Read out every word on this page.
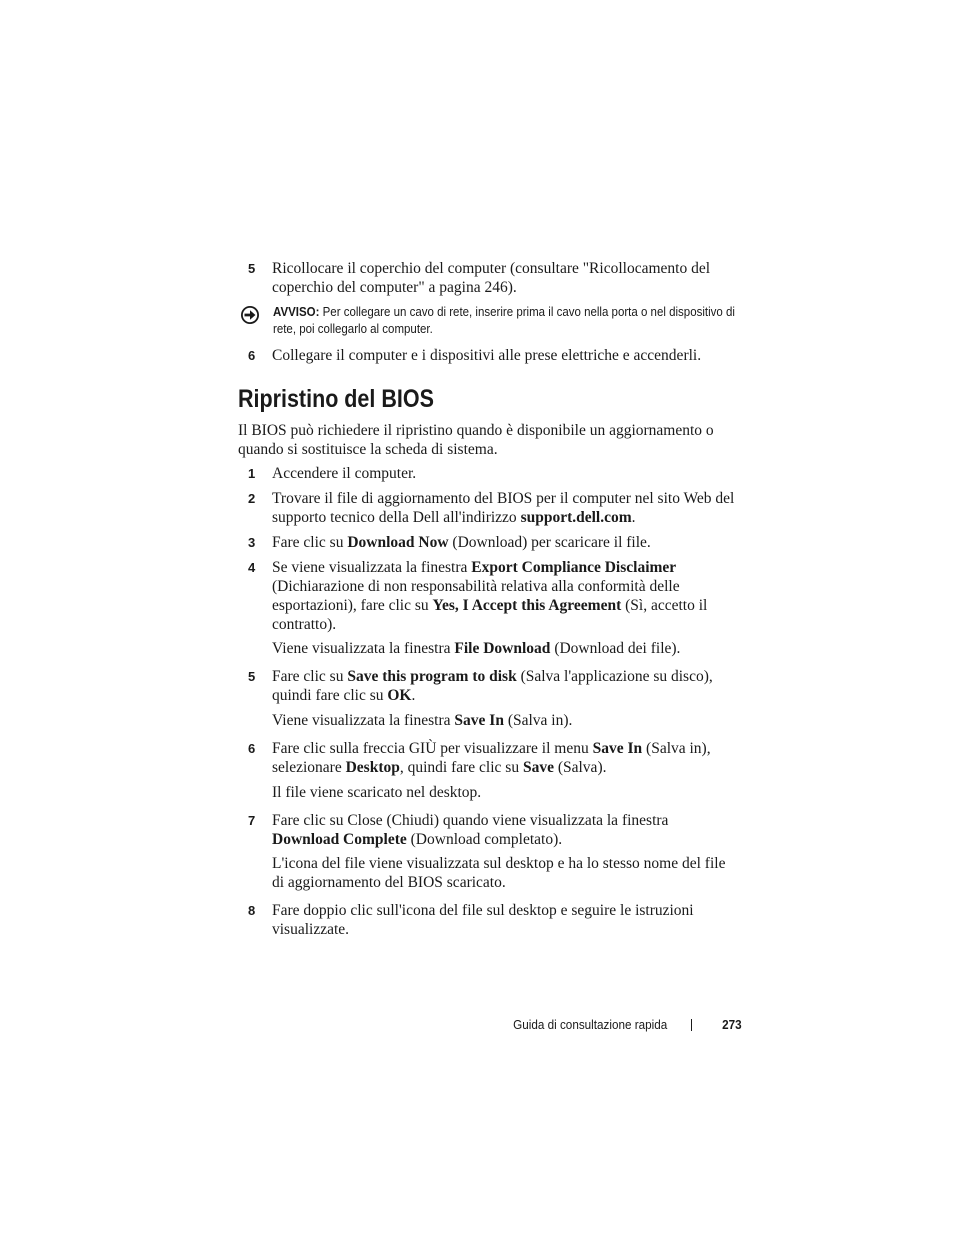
5 Ricollocare il coperchio del computer (consultare "Ricollocamento del coperchio del computer" a pagina 246).
AVVISO: Per collegare un cavo di rete, inserire prima il cavo nella porta o nel dispositivo di rete, poi collegarlo al computer.
6 Collegare il computer e i dispositivi alle prese elettriche e accenderli.
Ripristino del BIOS
Il BIOS può richiedere il ripristino quando è disponibile un aggiornamento o quando si sostituisce la scheda di sistema.
1 Accendere il computer.
2 Trovare il file di aggiornamento del BIOS per il computer nel sito Web del supporto tecnico della Dell all'indirizzo support.dell.com.
3 Fare clic su Download Now (Download) per scaricare il file.
4 Se viene visualizzata la finestra Export Compliance Disclaimer (Dichiarazione di non responsabilità relativa alla conformità delle esportazioni), fare clic su Yes, I Accept this Agreement (Sì, accetto il contratto).
Viene visualizzata la finestra File Download (Download dei file).
5 Fare clic su Save this program to disk (Salva l'applicazione su disco), quindi fare clic su OK.
Viene visualizzata la finestra Save In (Salva in).
6 Fare clic sulla freccia GIÙ per visualizzare il menu Save In (Salva in), selezionare Desktop, quindi fare clic su Save (Salva).
Il file viene scaricato nel desktop.
7 Fare clic su Close (Chiudi) quando viene visualizzata la finestra Download Complete (Download completato).
L'icona del file viene visualizzata sul desktop e ha lo stesso nome del file di aggiornamento del BIOS scaricato.
8 Fare doppio clic sull'icona del file sul desktop e seguire le istruzioni visualizzate.
Guida di consultazione rapida	273
